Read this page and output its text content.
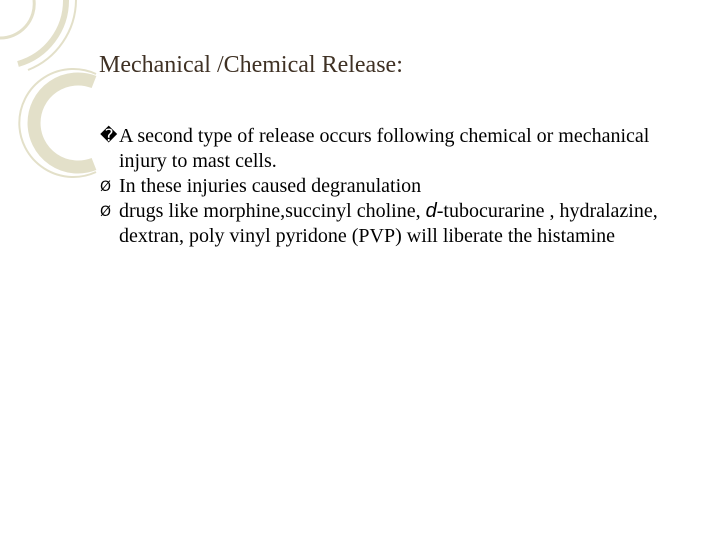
Mechanical /Chemical Release:
� A second type of release occurs following chemical or mechanical injury to mast cells.
Ø In these injuries caused degranulation
Ø drugs like morphine,succinyl choline, d-tubocurarine , hydralazine, dextran, poly vinyl pyridone (PVP) will liberate the histamine
